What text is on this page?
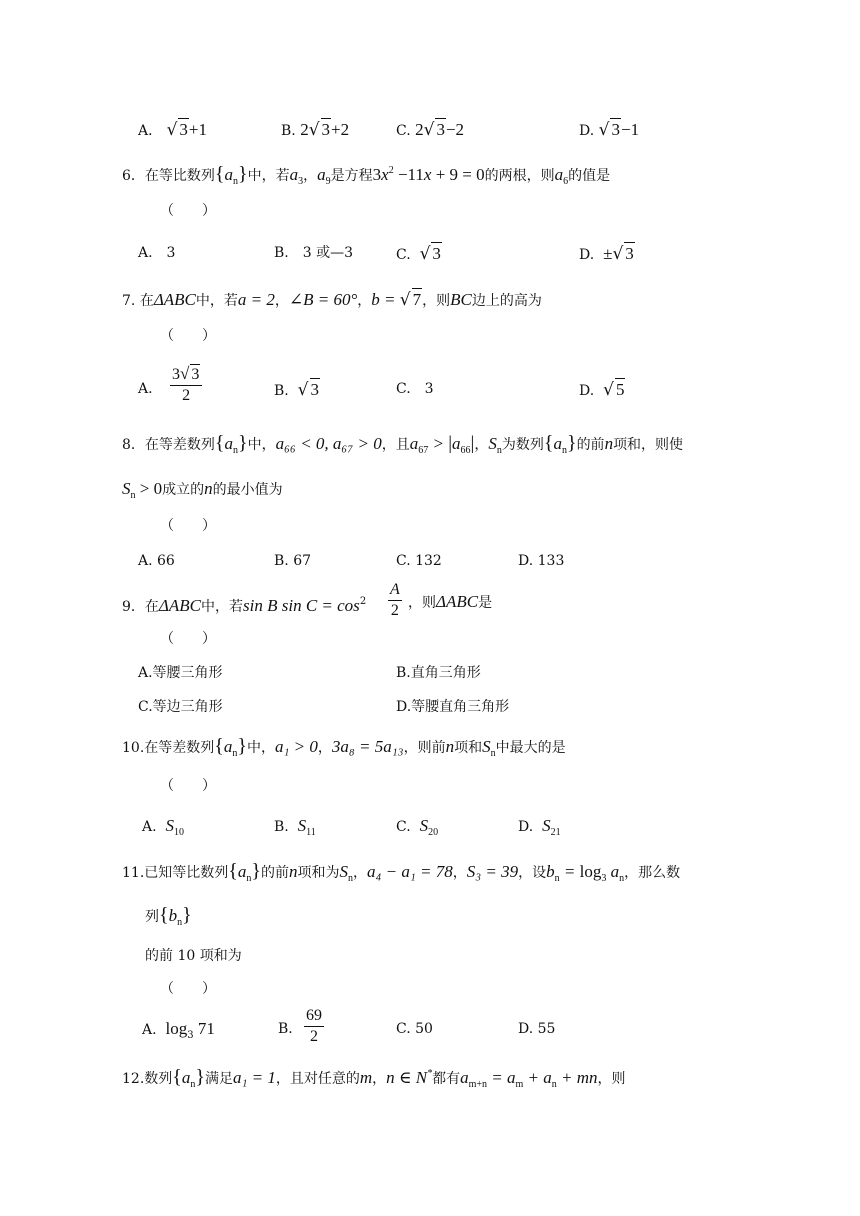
A． √ 3+1	B. 2√ 3+2	C. 2√ 3−2	D. √ 3−1
6．在等比数列$\{a_n\}$中，若$a_3$，$a_9$是方程$3x^2 -11x + 9 = 0$的两根，则$a_6$的值是
（　　）
A.　3	B.　3 或—3	C. √ 3	D. ±√ 3
7. 在ΔABC中，若a = 2，∠B = 60°，b = √ 7，则BC边上的高为
（　　）
A. $\frac{3√ 3}{2}$	B. √ 3	C.　3	D. √ 5
8．在等差数列$\{a_n\}$中，a₆₆ < 0, a₆₇ > 0，且$a_{67} > |a_{66}|$，$S_n$为数列$\{a_n\}$的前n项和，则使
$S_n > 0$成立的n的最小值为
（　　）
A. 66	B. 67	C. 132	D. 133
9．在ΔABC中，若sin B $\sin C = \cos^2 \frac{A}{2}$ ，则ΔABC是
（　　）
A.等腰三角形	B.直角三角形
C.等边三角形	D.等腰直角三角形
10.在等差数列$\{a_n\}$中，a₁ > 0，3a₈ = 5a₁₃，则前n项和$S_n$中最大的是
（　　）
A. $S_{10}$	B. $S_{11}$	C. $S_{20}$	D. $S_{21}$
11.已知等比数列$\{a_n\}$的前n项和为$S_n$，a₄ − a₁ = 78，S₃ = 39，设$b_n = \log_3 a_n$，那么数
列$\{b_n\}$
的前 10 项和为
（　　）
A. $\log_3 71$	B. $\frac{69}{2}$	C. 50	D. 55
12.数列$\{a_n\}$满足a₁ = 1，且对任意的m，n ∈ N*都有$a_{m+n} = a_m + a_n$ + mn，则
